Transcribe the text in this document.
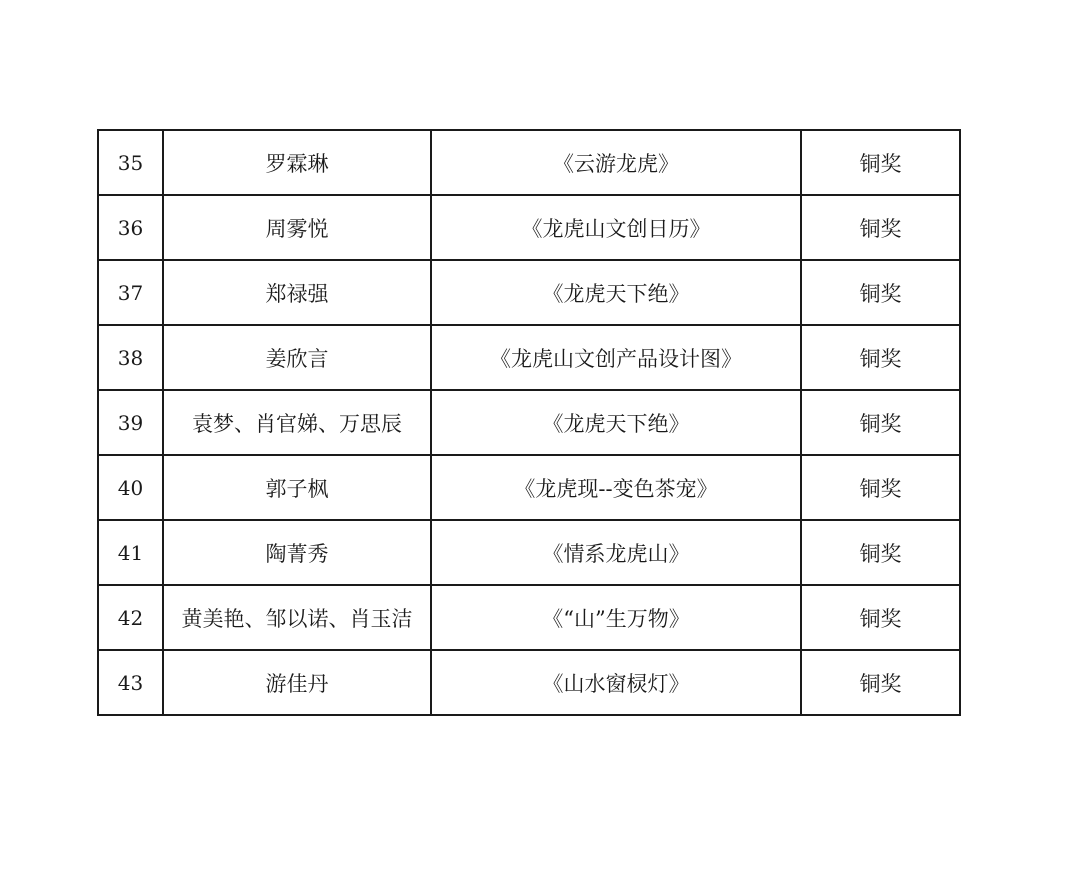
35	罗霖琳	《云游龙虎》	铜奖
36	周雾悦	《龙虎山文创日历》	铜奖
37	郑禄强	《龙虎天下绝》	铜奖
38	姜欣言	《龙虎山文创产品设计图》	铜奖
39	袁梦、肖官娣、万思辰	《龙虎天下绝》	铜奖
40	郭子枫	《龙虎现--变色茶宠》	铜奖
41	陶菁秀	《情系龙虎山》	铜奖
42	黄美艳、邹以诺、肖玉洁	《“山”生万物》	铜奖
43	游佳丹	《山水窗棂灯》	铜奖
